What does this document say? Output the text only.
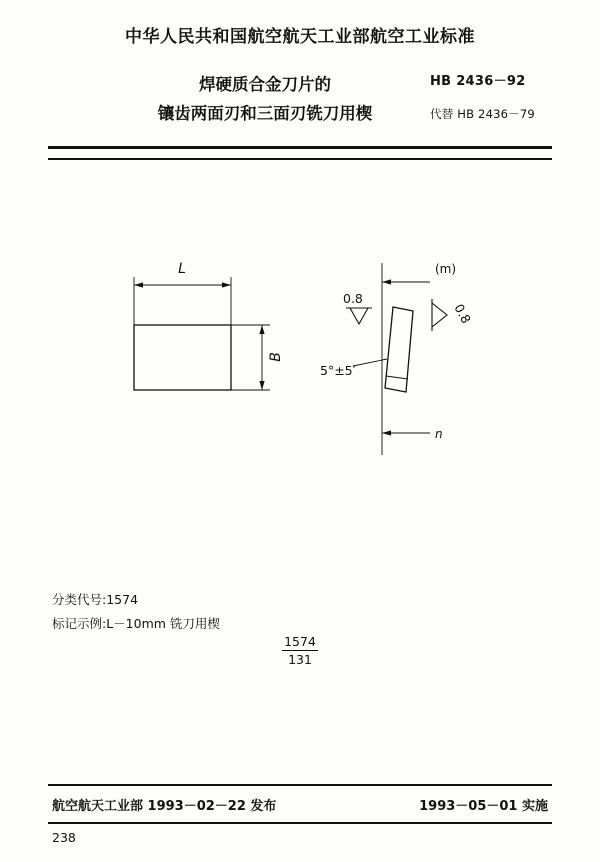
中华人民共和国航空航天工业部航空工业标准
焊硬质合金刀片的
镶齿两面刃和三面刃铣刀用楔
HB 2436－92
代替 HB 2436－79
L
B
(m)
n
0.8
0.8
5°±5′
分类代号:1574
标记示例:L－10mm 铣刀用楔
$\frac{1574}{131}$
航空航天工业部 1993－02－22 发布	1993－05－01 实施
238
